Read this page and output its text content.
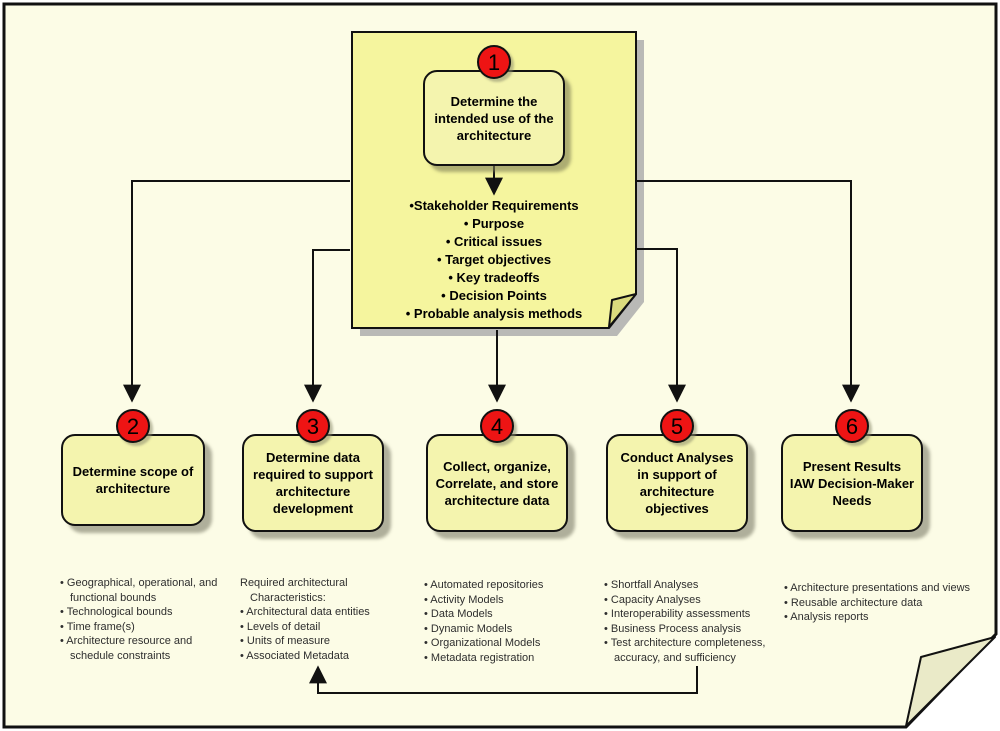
1
Determine the intended use of the architecture
•Stakeholder Requirements
• Purpose
• Critical issues
• Target objectives
• Key tradeoffs
• Decision Points
• Probable analysis methods
2
Determine scope of architecture
3
Determine data required to support architecture development
4
Collect, organize, Correlate, and store architecture data
5
Conduct Analyses in support of architecture objectives
6
Present Results IAW Decision-Maker Needs
• Geographical, operational, and functional bounds
• Technological bounds
• Time frame(s)
• Architecture resource and schedule constraints
Required architectural Characteristics:
• Architectural data entities
• Levels of detail
• Units of measure
• Associated Metadata
• Automated repositories
• Activity Models
• Data Models
• Dynamic Models
• Organizational Models
• Metadata registration
• Shortfall Analyses
• Capacity Analyses
• Interoperability assessments
• Business Process analysis
• Test architecture completeness, accuracy, and sufficiency
• Architecture presentations and views
• Reusable architecture data
• Analysis reports
